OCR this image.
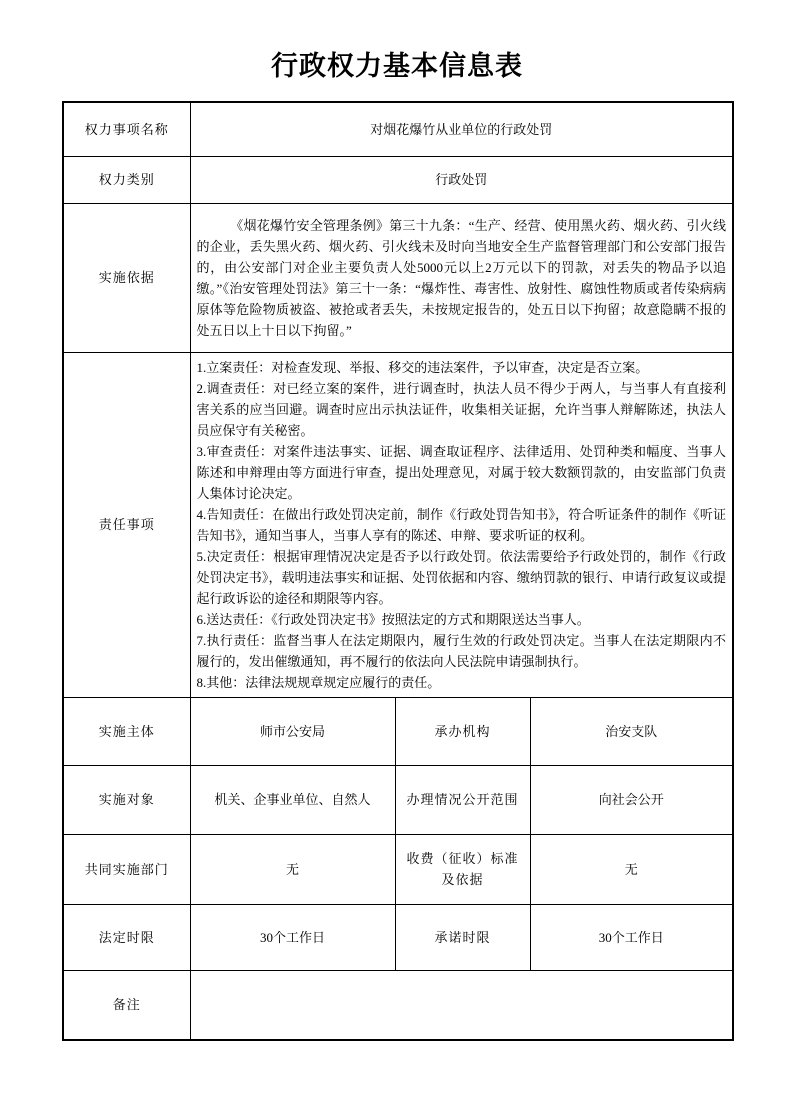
行政权力基本信息表
权力事项名称	对烟花爆竹从业单位的行政处罚		
权力类别	行政处罚		
实施依据	《烟花爆竹安全管理条例》第三十九条：“生产、经营、使用黑火药、烟火药、引火线的企业，丢失黑火药、烟火药、引火线未及时向当地安全生产监督管理部门和公安部门报告的，由公安部门对企业主要负责人处5000元以上2万元以下的罚款，对丢失的物品予以追缴。”《治安管理处罚法》第三十一条：“爆炸性、毒害性、放射性、腐蚀性物质或者传染病病原体等危险物质被盗、被抢或者丢失，未按规定报告的，处五日以下拘留；故意隐瞒不报的处五日以上十日以下拘留。”		

责任事项	
1.立案责任：对检查发现、举报、移交的违法案件，予以审查，决定是否立案。
2.调查责任：对已经立案的案件，进行调查时，执法人员不得少于两人，与当事人有直接利害关系的应当回避。调查时应出示执法证件，收集相关证据，允许当事人辩解陈述，执法人员应保守有关秘密。
3.审查责任：对案件违法事实、证据、调查取证程序、法律适用、处罚种类和幅度、当事人陈述和申辩理由等方面进行审查，提出处理意见，对属于较大数额罚款的，由安监部门负责人集体讨论决定。
4.告知责任：在做出行政处罚决定前，制作《行政处罚告知书》，符合听证条件的制作《听证告知书》，通知当事人，当事人享有的陈述、申辩、要求听证的权利。
5.决定责任：根据审理情况决定是否予以行政处罚。依法需要给予行政处罚的，制作《行政处罚决定书》，载明违法事实和证据、处罚依据和内容、缴纳罚款的银行、申请行政复议或提起行政诉讼的途径和期限等内容。
6.送达责任：《行政处罚决定书》按照法定的方式和期限送达当事人。
7.执行责任：监督当事人在法定期限内，履行生效的行政处罚决定。当事人在法定期限内不履行的，发出催缴通知，再不履行的依法向人民法院申请强制执行。
8.其他：法律法规规章规定应履行的责任。

实施主体	师市公安局	承办机构	治安支队
实施对象	机关、企事业单位、自然人	办理情况公开范围	向社会公开
共同实施部门	无	收费（征收）标准及依据	无
法定时限	30个工作日	承诺时限	30个工作日
备注			
